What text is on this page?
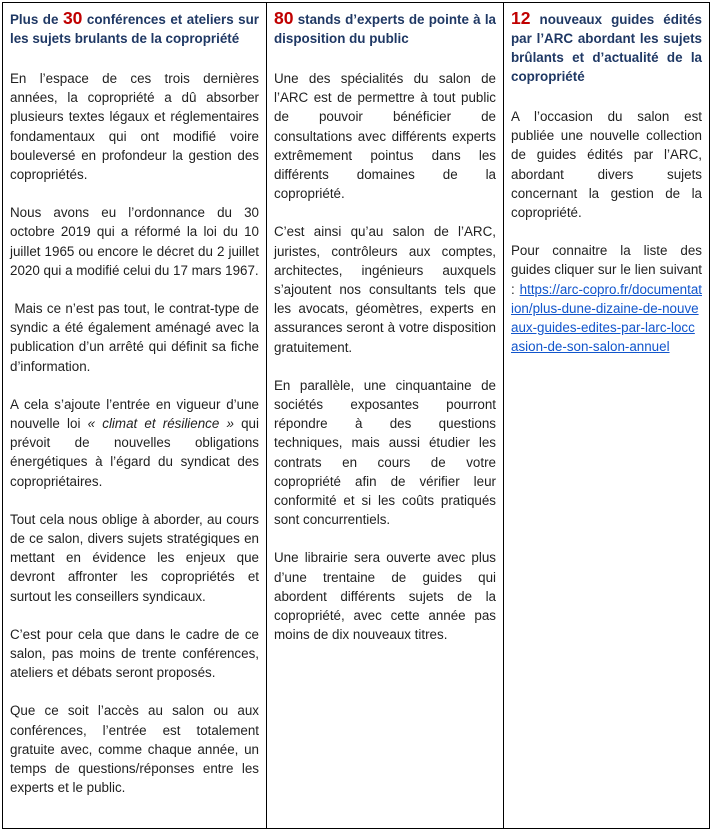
Plus de 30 conférences et ateliers sur les sujets brulants de la copropriété

En l’espace de ces trois dernières années, la copropriété a dû absorber plusieurs textes légaux et réglementaires fondamentaux qui ont modifié voire bouleversé en profondeur la gestion des copropriétés.

Nous avons eu l’ordonnance du 30 octobre 2019 qui a réformé la loi du 10 juillet 1965 ou encore le décret du 2 juillet 2020 qui a modifié celui du 17 mars 1967.

Mais ce n’est pas tout, le contrat-type de syndic a été également aménagé avec la publication d’un arrêté qui définit sa fiche d’information.

A cela s’ajoute l’entrée en vigueur d’une nouvelle loi « climat et résilience » qui prévoit de nouvelles obligations énergétiques à l’égard du syndicat des copropriétaires.

Tout cela nous oblige à aborder, au cours de ce salon, divers sujets stratégiques en mettant en évidence les enjeux que devront affronter les copropriétés et surtout les conseillers syndicaux.

C’est pour cela que dans le cadre de ce salon, pas moins de trente conférences, ateliers et débats seront proposés.

Que ce soit l’accès au salon ou aux conférences, l’entrée est totalement gratuite avec, comme chaque année, un temps de questions/réponses entre les experts et le public.

80 stands d’experts de pointe à la disposition du public

Une des spécialités du salon de l’ARC est de permettre à tout public de pouvoir bénéficier de consultations avec différents experts extrêmement pointus dans les différents domaines de la copropriété.

C’est ainsi qu’au salon de l’ARC, juristes, contrôleurs aux comptes, architectes, ingénieurs auxquels s’ajoutent nos consultants tels que les avocats, géomètres, experts en assurances seront à votre disposition gratuitement.

En parallèle, une cinquantaine de sociétés exposantes pourront répondre à des questions techniques, mais aussi étudier les contrats en cours de votre copropriété afin de vérifier leur conformité et si les coûts pratiqués sont concurrentiels.

Une librairie sera ouverte avec plus d’une trentaine de guides qui abordent différents sujets de la copropriété, avec cette année pas moins de dix nouveaux titres.

12 nouveaux guides édités par l’ARC abordant les sujets brûlants et d’actualité de la copropriété

A l’occasion du salon est publiée une nouvelle collection de guides édités par l’ARC, abordant divers sujets concernant la gestion de la copropriété.

Pour connaitre la liste des guides cliquer sur le lien suivant : https://arc-copro.fr/documentation/plus-dune-dizaine-de-nouveaux-guides-edites-par-larc-loccasion-de-son-salon-annuel
